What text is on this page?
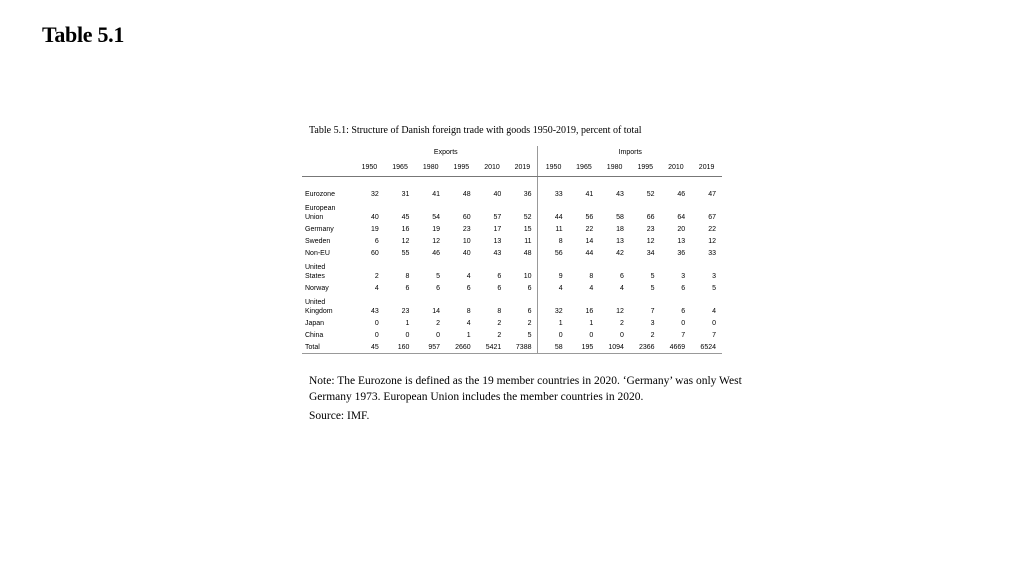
Table 5.1
Table 5.1: Structure of Danish foreign trade with goods 1950-2019, percent of total
	Exports						Imports					
	1950	1965	1980	1995	2010	2019	1950	1965	1980	1995	2010	2019

Eurozone	32	31	41	48	40	36	33	41	43	52	46	47

European
Union	40	45	54	60	57	52	44	56	58	66	64	67

Germany	19	16	19	23	17	15	11	22	18	23	20	22

Sweden	6	12	12	10	13	11	8	14	13	12	13	12

Non-EU	60	55	46	40	43	48	56	44	42	34	36	33

United
States	2	8	5	4	6	10	9	8	6	5	3	3

Norway	4	6	6	6	6	6	4	4	4	5	6	5

United
Kingdom	43	23	14	8	8	6	32	16	12	7	6	4

Japan	0	1	2	4	2	2	1	1	2	3	0	0

China	0	0	0	1	2	5	0	0	0	2	7	7

Total	45	160	957	2660	5421	7388	58	195	1094	2366	4669	6524
Note: The Eurozone is defined as the 19 member countries in 2020. ‘Germany’ was only West Germany 1973. European Union includes the member countries in 2020.
Source: IMF.
